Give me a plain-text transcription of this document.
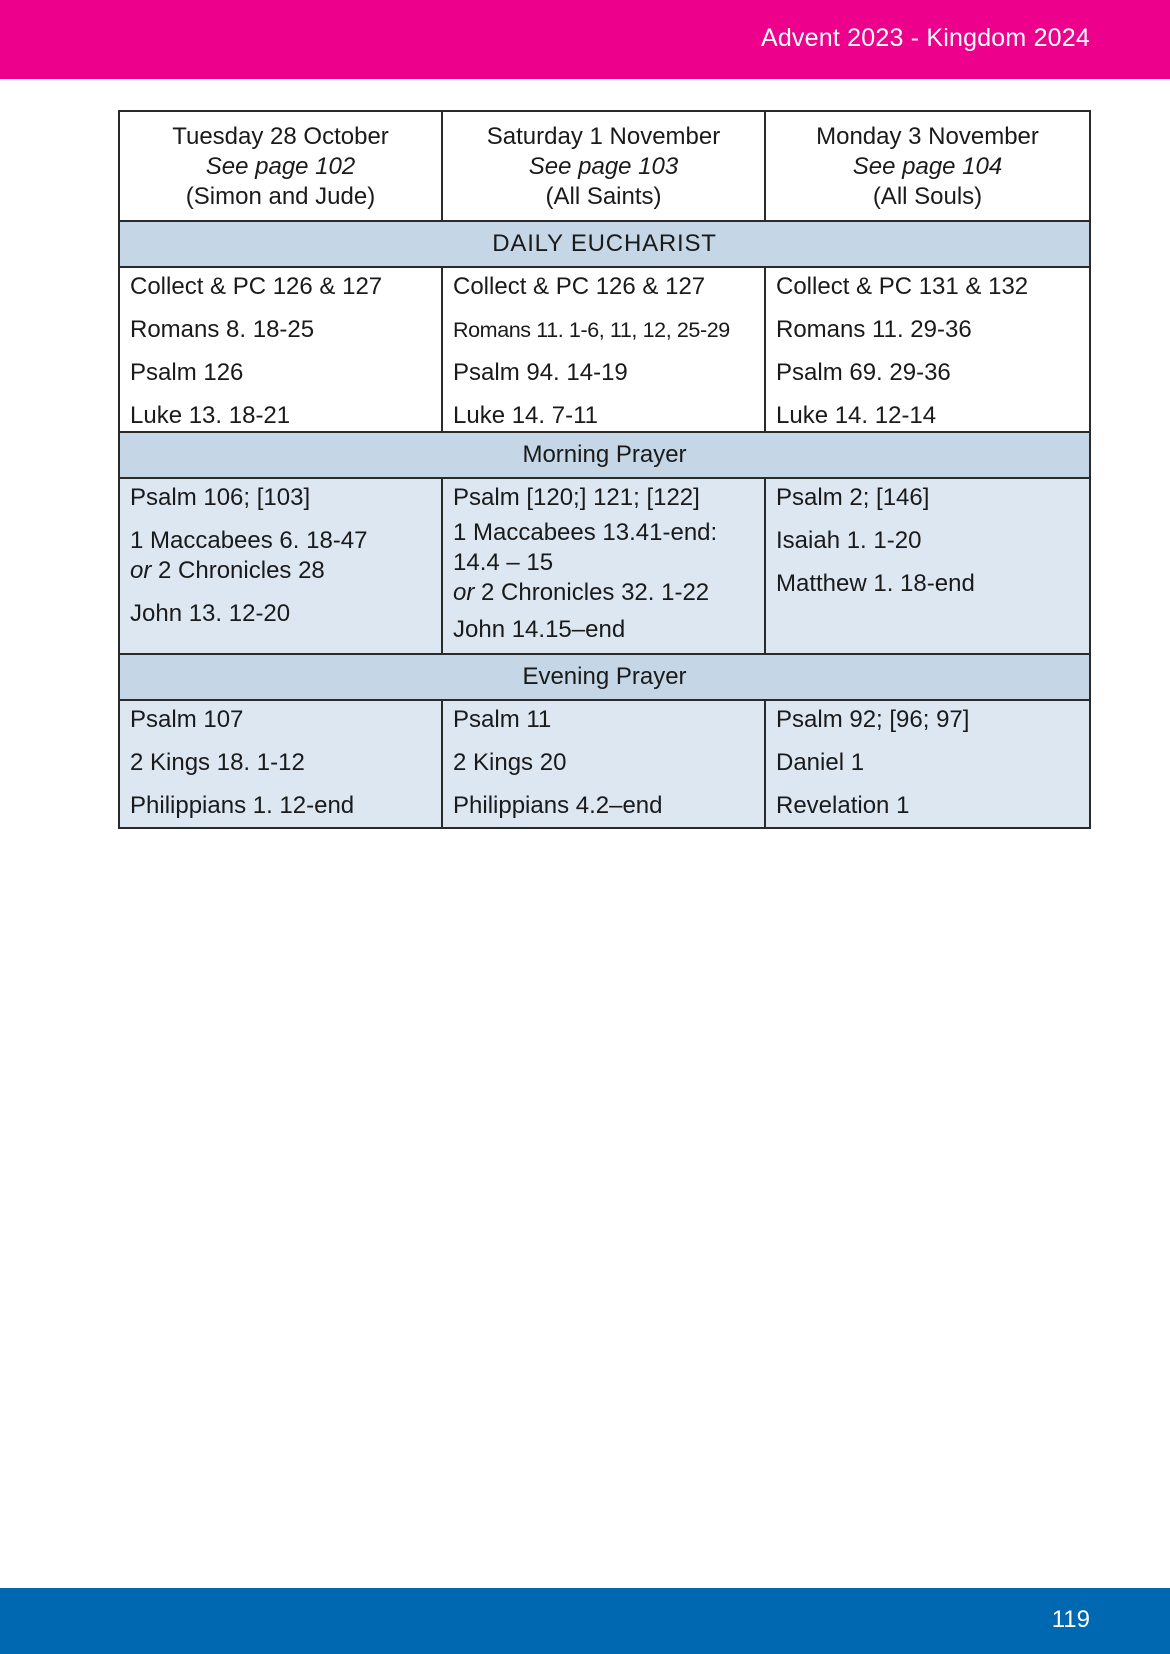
Advent 2023 - Kingdom 2024
Tuesday 28 October
See page 102
(Simon and Jude)	Saturday 1 November
See page 103
(All Saints)	Monday 3 November
See page 104
(All Souls)

DAILY EUCHARIST		

Collect & PC 126 & 127
Romans 8. 18-25
Psalm 126
Luke 13. 18-21	Collect & PC 126 & 127
Romans 11. 1-6, 11, 12, 25-29
Psalm 94. 14-19
Luke 14. 7-11	Collect & PC 131 & 132
Romans 11. 29-36
Psalm 69. 29-36
Luke 14. 12-14

Morning Prayer		

Psalm 106; [103]
1 Maccabees 6. 18-47
or 2 Chronicles 28
John 13. 12-20	Psalm [120;] 121; [122]
1 Maccabees 13.41-end:
14.4 – 15
or 2 Chronicles 32. 1-22
John 14.15–end	Psalm 2; [146]
Isaiah 1. 1-20
Matthew 1. 18-end

Evening Prayer		

Psalm 107
2 Kings 18. 1-12
Philippians 1. 12-end	Psalm 11
2 Kings 20
Philippians 4.2–end	Psalm 92; [96; 97]
Daniel 1
Revelation 1
119
